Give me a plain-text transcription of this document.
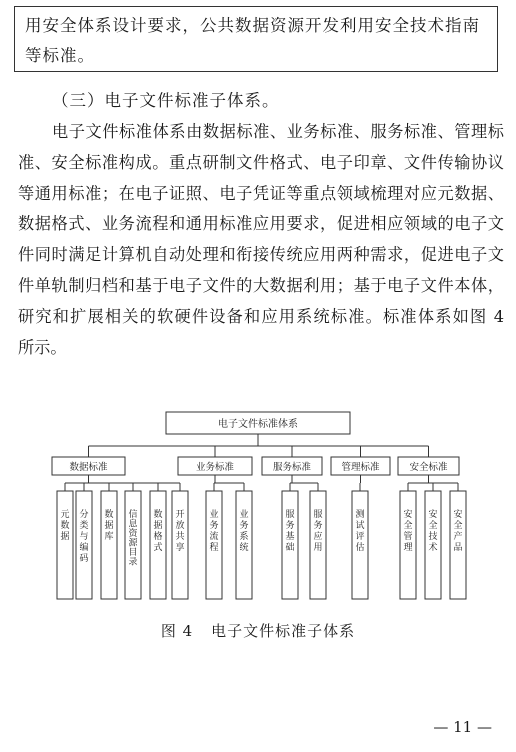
用安全体系设计要求，公共数据资源开发利用安全技术指南

等标准。

（三）电子文件标准子体系。

电子文件标准体系由数据标准、业务标准、服务标准、管理标
准、安全标准构成。重点研制文件格式、电子印章、文件传输协议
等通用标准；在电子证照、电子凭证等重点领域梳理对应元数据、
数据格式、业务流程和通用标准应用要求，促进相应领域的电子文
件同时满足计算机自动处理和衔接传统应用两种需求，促进电子文
件单轨制归档和基于电子文件的大数据利用；基于电子文件本体，
研究和扩展相关的软硬件设备和应用系统标准。标准体系如图 4
所示。

电子文件标准体系
数据标准
元数据
分类与编码
数据库
信息资源目录
数据格式
开放共享
业务标准
业务流程
业务系统
服务标准
服务基础
服务应用
管理标准
测试评估
安全标准
安全管理
安全技术
安全产品

图 4 电子文件标准子体系

— 11 —
